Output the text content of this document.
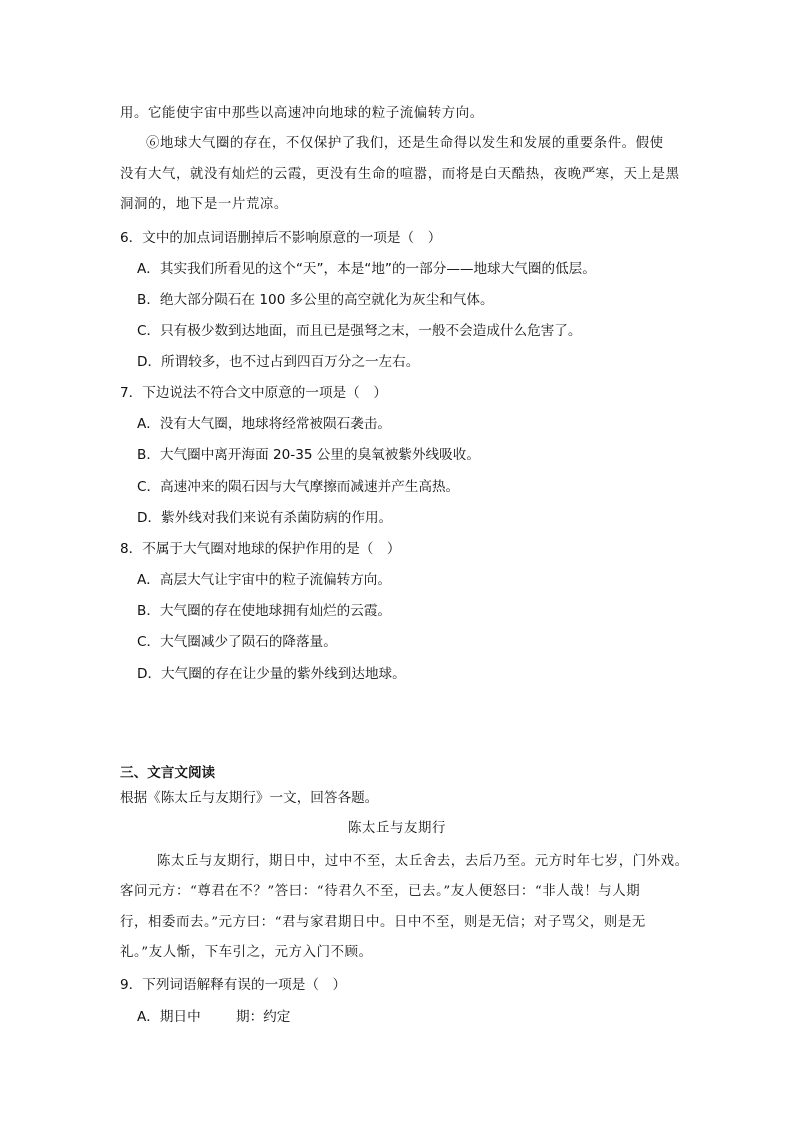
用。它能使宇宙中那些以高速冲向地球的粒子流偏转方向。
⑥地球大气圈的存在，不仅保护了我们，还是生命得以发生和发展的重要条件。假使
没有大气，就没有灿烂的云霞，更没有生命的喧嚣，而将是白天酷热，夜晚严寒，天上是黑
洞洞的，地下是一片荒凉。
6．文中的加点词语删掉后不影响原意的一项是（　）
A．其实我们所看见的这个“天”，本是“地”的一部分——地球大气圈的低层。
B．绝大部分陨石在 100 多公里的高空就化为灰尘和气体。
C．只有极少数到达地面，而且已是强弩之末，一般不会造成什么危害了。
D．所谓较多，也不过占到四百万分之一左右。
7．下边说法不符合文中原意的一项是（　）
A．没有大气圈，地球将经常被陨石袭击。
B．大气圈中离开海面 20-35 公里的臭氧被紫外线吸收。
C．高速冲来的陨石因与大气摩擦而减速并产生高热。
D．紫外线对我们来说有杀菌防病的作用。
8．不属于大气圈对地球的保护作用的是（　）
A．高层大气让宇宙中的粒子流偏转方向。
B．大气圈的存在使地球拥有灿烂的云霞。
C．大气圈减少了陨石的降落量。
D．大气圈的存在让少量的紫外线到达地球。
三、文言文阅读
根据《陈太丘与友期行》一文，回答各题。
陈太丘与友期行
陈太丘与友期行，期日中，过中不至，太丘舍去，去后乃至。元方时年七岁，门外戏。
客问元方：“尊君在不？”答曰：“待君久不至，已去。”友人便怒曰：“非人哉！与人期
行，相委而去。”元方曰：“君与家君期日中。日中不至，则是无信；对子骂父，则是无
礼。”友人惭，下车引之，元方入门不顾。
9．下列词语解释有误的一项是（　）
A．期日中	期：约定
